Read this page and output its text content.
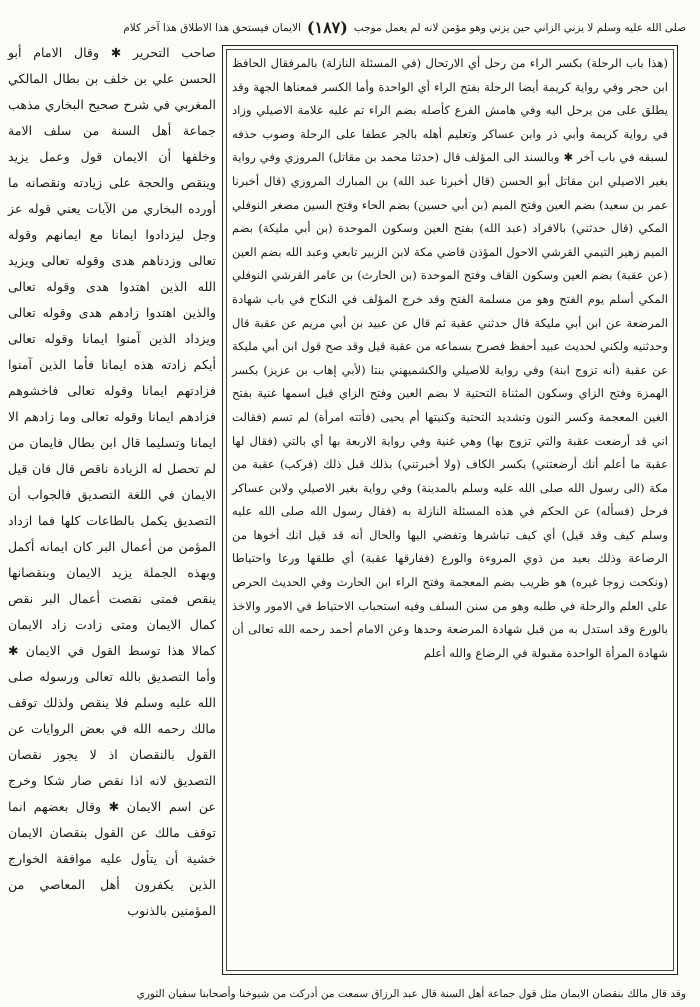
صلى الله عليه وسلم لا يزني الزاني حين يزني وهو مؤمن لانه لم يعمل موجب
(١٨٧)
الايمان فيستحق هذا الاطلاق هذا آخر كلام

(هذا باب الرحلة) بكسر الراء من رحل أي الارتحال (في المسئلة النازلة) بالمرفقال الحافظ ابن حجر وفي رواية كريمة أيضا الرحلة بفتح الراء أي الواحدة وأما الكسر فمعناها الجهة وقد يطلق على من يرحل اليه وفي هامش الفرع كأصله بضم الراء تم عليه علامة الاصيلي وزاد في رواية كريمة وأبي ذر وابن عساكر وتعليم أهله بالجر عطفا على الرحلة وصوب حذفه لسبقه في باب آخر ✱ وبالسند الى المؤلف قال (حدثنا محمد بن مقاتل) المروزي وفي رواية بغير الاصيلي ابن مقاتل أبو الحسن (قال أخبرنا عبد الله) بن المبارك المروزي (قال أخبرنا عمر بن سعيد) بضم العين وفتح الميم (بن أبي حسين) بضم الحاء وفتح السين مصغر النوفلي المكي (قال حدثني) بالافراد (عبد الله) بفتح العين وسكون الموحدة (بن أبي مليكة) بضم الميم زهير التيمي القرشي الاحول المؤذن قاضي مكة لابن الزبير تابعي وعبد الله بضم العين (عن عقبة) بضم العين وسكون القاف وفتح الموحدة (بن الحارث) بن عامر القرشي النوفلي المكي أسلم يوم الفتح وهو من مسلمة الفتح وقد خرج المؤلف في النكاح في باب شهادة المرضعة عن ابن أبي مليكة قال حدثني عقبة ثم قال عن عبيد بن أبي مريم عن عقبة قال وحدثنيه ولكني لحديث عبيد أحفظ فصرح بسماعه من عقبة قيل وقد صح قول ابن أبي مليكة عن عقبة (أنه تزوج ابنة) وفي رواية للاصيلي والكشميهني بنتا (لأبي إهاب بن عزيز) بكسر الهمزة وفتح الزاي وسكون المثناة التحتية لا بضم العين وفتح الزاي قيل اسمها غنية بفتح الغين المعجمة وكسر النون وتشديد التحتية وكنيتها أم يحيى (فأتته امرأة) لم تسم (فقالت اني قد أرضعت عقبة والتي تزوج بها) وهي غنية وفي رواية الاربعة بها أي بالتي (فقال لها عقبة ما أعلم أنك أرضعتني) بكسر الكاف (ولا أخبرتني) بذلك قبل ذلك (فركب) عقبة من مكة (الى رسول الله صلى الله عليه وسلم بالمدينة) وفي رواية بغير الاصيلي ولابن عساكر فرحل (فسأله) عن الحكم في هذه المسئلة النازلة به (فقال رسول الله صلى الله عليه وسلم كيف وقد قيل) أي كيف تباشرها وتفضي اليها والحال أنه قد قيل انك أخوها من الرضاعة وذلك بعيد من ذوي المروءة والورع (ففارقها عقبة) أي طلقها ورعا واحتياطا (ونكحت زوجا غيره) هو ظريب بضم المعجمة وفتح الراء ابن الحارث وفي الحديث الحرص على العلم والرحلة في طلبه وهو من سنن السلف وفيه استحباب الاحتياط في الامور والاخذ بالورع وقد استدل به من قبل شهادة المرضعة وحدها وعن الامام أحمد رحمه الله تعالى أن شهادة المرأة الواحدة مقبولة في الرضاع والله أعلم

صاحب التحرير ✱ وقال الامام أبو الحسن علي بن خلف بن بطال المالكي المغربي في شرح صحيح البخاري مذهب جماعة أهل السنة من سلف الامة وخلفها أن الايمان قول وعمل يزيد وينقص والحجة على زيادته ونقصانه ما أورده البخاري من الآيات يعني قوله عز وجل ليزدادوا ايمانا مع ايمانهم وقوله تعالى وزدناهم هدى وقوله تعالى ويزيد الله الذين اهتدوا هدى وقوله تعالى والذين اهتدوا زادهم هدى وقوله تعالى ويزداد الذين آمنوا ايمانا وقوله تعالى أيكم زادته هذه ايمانا فأما الذين آمنوا فزادتهم ايمانا وقوله تعالى فاخشوهم فزادهم ايمانا وقوله تعالى وما زادهم الا ايمانا وتسليما قال ابن بطال فايمان من لم تحصل له الزيادة ناقص قال فان قيل الايمان في اللغة التصديق فالجواب أن التصديق يكمل بالطاعات كلها فما ازداد المؤمن من أعمال البر كان ايمانه أكمل وبهذه الجملة يزيد الايمان وبنقصانها ينقص فمتى نقصت أعمال البر نقص كمال الايمان ومتى زادت زاد الايمان كمالا هذا توسط القول في الايمان ✱ وأما التصديق بالله تعالى ورسوله صلى الله عليه وسلم فلا ينقص ولذلك توقف مالك رحمه الله في بعض الروايات عن القول بالنقصان اذ لا يجوز نقصان التصديق لانه اذا نقص صار شكا وخرج عن اسم الايمان ✱ وقال بعضهم انما توقف مالك عن القول بنقصان الايمان خشية أن يتأول عليه موافقة الخوارج الذين يكفرون أهل المعاصي من المؤمنين بالذنوب

وقد قال مالك بنقصان الايمان مثل قول جماعة أهل السنة قال عبد الرزاق سمعت من أدركت من شيوخنا وأصحابنا سفيان الثوري
